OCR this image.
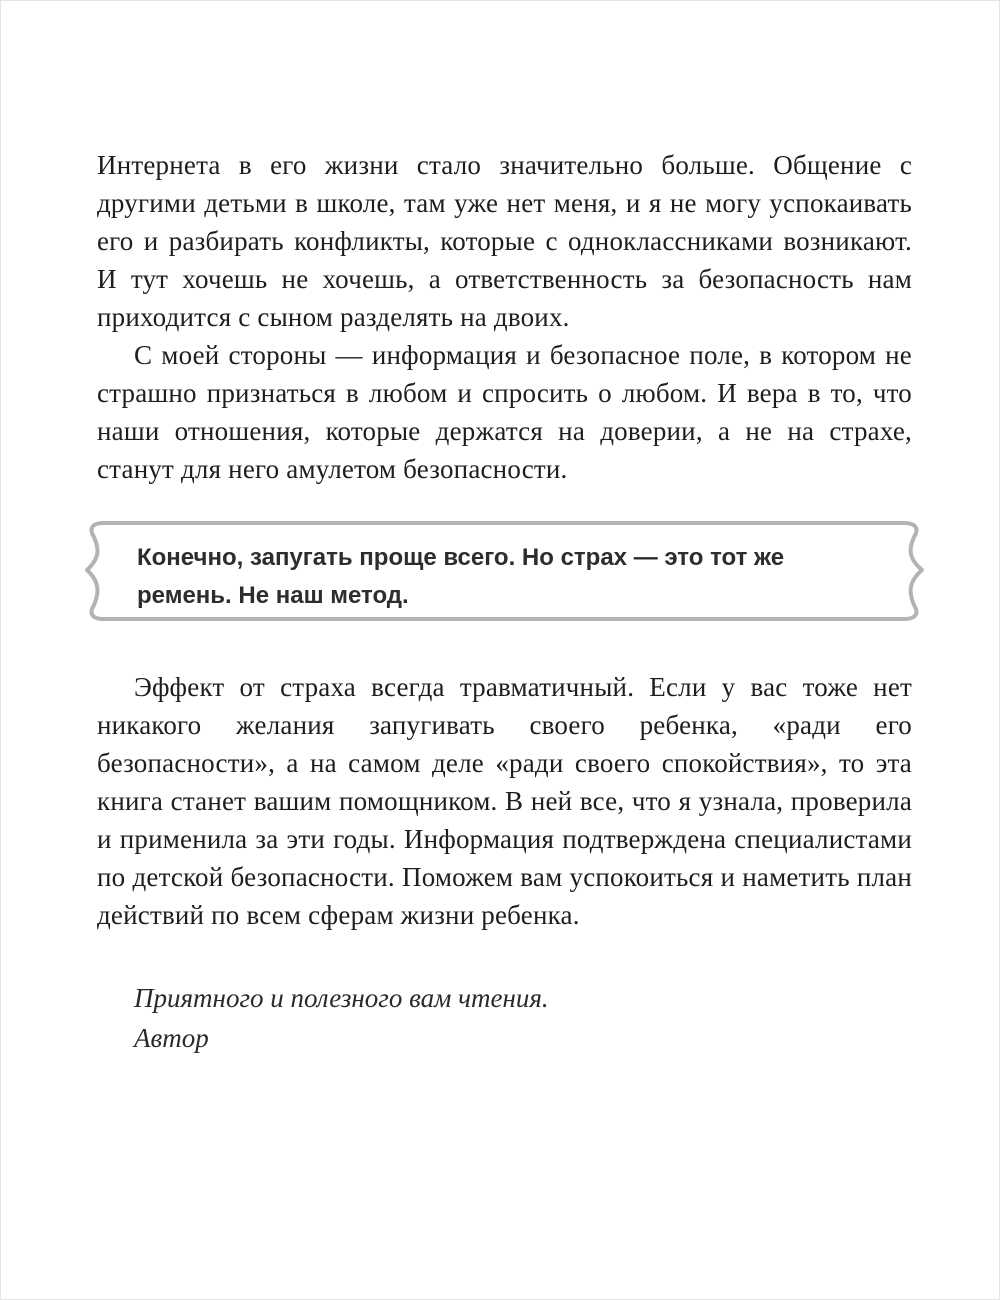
Интернета в его жизни стало значительно больше. Общение с другими детьми в школе, там уже нет меня, и я не могу успокаивать его и разбирать конфликты, которые с одноклассниками возникают. И тут хочешь не хочешь, а ответственность за безопасность нам приходится с сыном разделять на двоих.

С моей стороны — информация и безопасное поле, в котором не страшно признаться в любом и спросить о любом. И вера в то, что наши отношения, которые держатся на доверии, а не на страхе, станут для него амулетом безопасности.

Конечно, запугать проще всего. Но страх — это тот же ремень. Не наш метод.

Эффект от страха всегда травматичный. Если у вас тоже нет никакого желания запугивать своего ребенка, «ради его безопасности», а на самом деле «ради своего спокойствия», то эта книга станет вашим помощником. В ней все, что я узнала, проверила и применила за эти годы. Информация подтверждена специалистами по детской безопасности. Поможем вам успокоиться и наметить план действий по всем сферам жизни ребенка.

Приятного и полезного вам чтения.
Автор
